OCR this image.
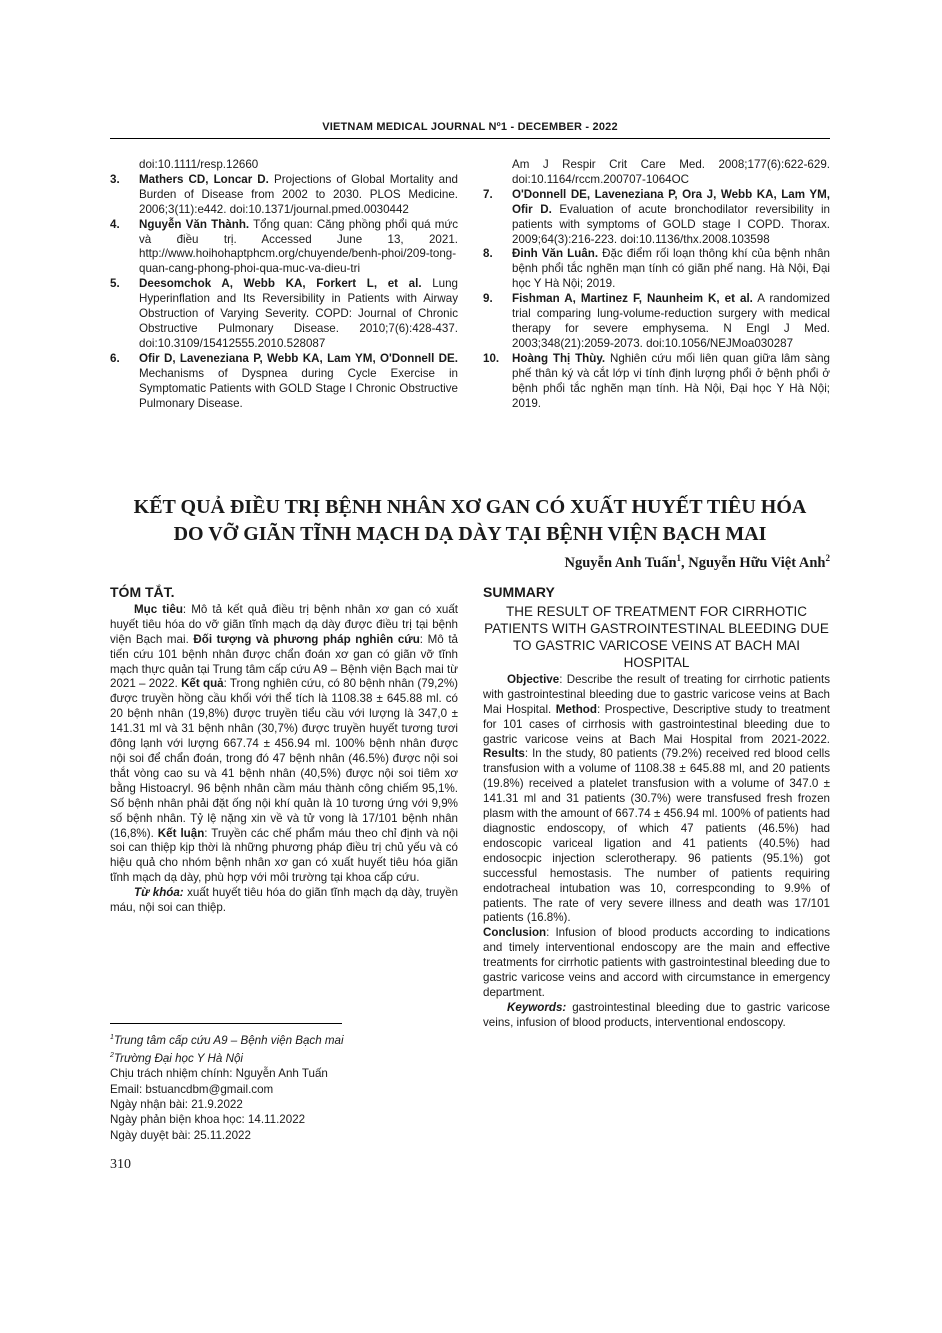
VIETNAM MEDICAL JOURNAL Nº1 - DECEMBER - 2022
doi:10.1111/resp.12660
3.	Mathers CD, Loncar D. Projections of Global Mortality and Burden of Disease from 2002 to 2030. PLOS Medicine. 2006;3(11):e442. doi:10.1371/journal.pmed.0030442
4.	Nguyễn Văn Thành. Tổng quan: Căng phồng phổi quá mức và điều trị. Accessed June 13, 2021. http://www.hoihohaptphcm.org/chuyende/benh-phoi/209-tong-quan-cang-phong-phoi-qua-muc-va-dieu-tri
5.	Deesomchok A, Webb KA, Forkert L, et al. Lung Hyperinflation and Its Reversibility in Patients with Airway Obstruction of Varying Severity. COPD: Journal of Chronic Obstructive Pulmonary Disease. 2010;7(6):428-437. doi:10.3109/15412555.2010.528087
6.	Ofir D, Laveneziana P, Webb KA, Lam YM, O'Donnell DE. Mechanisms of Dyspnea during Cycle Exercise in Symptomatic Patients with GOLD Stage I Chronic Obstructive Pulmonary Disease.
Am J Respir Crit Care Med. 2008;177(6):622-629. doi:10.1164/rccm.200707-1064OC
7.	O'Donnell DE, Laveneziana P, Ora J, Webb KA, Lam YM, Ofir D. Evaluation of acute bronchodilator reversibility in patients with symptoms of GOLD stage I COPD. Thorax. 2009;64(3):216-223. doi:10.1136/thx.2008.103598
8.	Đinh Văn Luân. Đặc điểm rối loạn thông khí của bệnh nhân bệnh phổi tắc nghẽn mạn tính có giãn phế nang. Hà Nội, Đại học Y Hà Nội; 2019.
9.	Fishman A, Martinez F, Naunheim K, et al. A randomized trial comparing lung-volume-reduction surgery with medical therapy for severe emphysema. N Engl J Med. 2003;348(21):2059-2073. doi:10.1056/NEJMoa030287
10.	Hoàng Thị Thùy. Nghiên cứu mối liên quan giữa lâm sàng phế thân ký và cắt lớp vi tính định lượng phổi ở bệnh phổi ở bệnh phổi tắc nghẽn mạn tính. Hà Nội, Đại học Y Hà Nội; 2019.
KẾT QUẢ ĐIỀU TRỊ BỆNH NHÂN XƠ GAN CÓ XUẤT HUYẾT TIÊU HÓA
DO VỠ GIÃN TĨNH MẠCH DẠ DÀY TẠI BỆNH VIỆN BẠCH MAI
Nguyễn Anh Tuấn$^1$, Nguyễn Hữu Việt Anh$^2$
TÓM TẮT.
Mục tiêu: Mô tả kết quả điều trị bệnh nhân xơ gan có xuất huyết tiêu hóa do vỡ giãn tĩnh mạch dạ dày được điều trị tại bệnh viện Bạch mai. Đối tượng và phương pháp nghiên cứu: Mô tả tiến cứu 101 bệnh nhân được chẩn đoán xơ gan có giãn vỡ tĩnh mạch thực quản tại Trung tâm cấp cứu A9 – Bệnh viện Bạch mai từ 2021 – 2022. Kết quả: Trong nghiên cứu, có 80 bệnh nhân (79,2%) được truyền hồng cầu khối với thể tích là 1108.38 ± 645.88 ml. có 20 bệnh nhân (19,8%) được truyền tiểu cầu với lượng là 347,0 ± 141.31 ml và 31 bệnh nhân (30,7%) được truyền huyết tương tươi đông lạnh với lượng 667.74 ± 456.94 ml. 100% bệnh nhân được nội soi để chẩn đoán, trong đó 47 bệnh nhân (46.5%) được nội soi thắt vòng cao su và 41 bệnh nhân (40,5%) được nội soi tiêm xơ bằng Histoacryl. 96 bệnh nhân cầm máu thành công chiếm 95,1%. Số bệnh nhân phải đặt ống nội khí quản là 10 tương ứng với 9,9% số bệnh nhân. Tỷ lệ nặng xin về và tử vong là 17/101 bệnh nhân (16,8%). Kết luận: Truyền các chế phẩm máu theo chỉ định và nội soi can thiệp kịp thời là những phương pháp điều trị chủ yếu và có hiệu quả cho nhóm bệnh nhân xơ gan có xuất huyết tiêu hóa giãn tĩnh mạch dạ dày, phù hợp với môi trường tại khoa cấp cứu.
Từ khóa: xuất huyết tiêu hóa do giãn tĩnh mạch dạ dày, truyền máu, nội soi can thiệp.
SUMMARY
THE RESULT OF TREATMENT FOR CIRRHOTIC PATIENTS WITH GASTROINTESTINAL BLEEDING DUE TO GASTRIC VARICOSE VEINS AT BACH MAI HOSPITAL
Objective: Describe the result of treating for cirrhotic patients with gastrointestinal bleeding due to gastric varicose veins at Bach Mai Hospital. Method: Prospective, Descriptive study to treatment for 101 cases of cirrhosis with gastrointestinal bleeding due to gastric varicose veins at Bach Mai Hospital from 2021-2022. Results: In the study, 80 patients (79.2%) received red blood cells transfusion with a volume of 1108.38 ± 645.88 ml, and 20 patients (19.8%) received a platelet transfusion with a volume of 347.0 ± 141.31 ml and 31 patients (30.7%) were transfused fresh frozen plasm with the amount of 667.74 ± 456.94 ml. 100% of patients had diagnostic endoscopy, of which 47 patients (46.5%) had endoscopic variceal ligation and 41 patients (40.5%) had endosocpic injection sclerotherapy. 96 patients (95.1%) got successful hemostasis. The number of patients requiring endotracheal intubation was 10, correspconding to 9.9% of patients. The rate of very severe illness and death was 17/101 patients (16.8%).
Conclusion: Infusion of blood products according to indications and timely interventional endoscopy are the main and effective treatments for cirrhotic patients with gastrointestinal bleeding due to gastric varicose veins and accord with circumstance in emergency department.
Keywords: gastrointestinal bleeding due to gastric varicose veins, infusion of blood products, interventional endoscopy.
$^1$Trung tâm cấp cứu A9 – Bệnh viện Bạch mai
$^2$Trường Đại học Y Hà Nội
Chịu trách nhiệm chính: Nguyễn Anh Tuấn
Email: bstuancdbm@gmail.com
Ngày nhận bài: 21.9.2022
Ngày phản biện khoa học: 14.11.2022
Ngày duyệt bài: 25.11.2022
310
